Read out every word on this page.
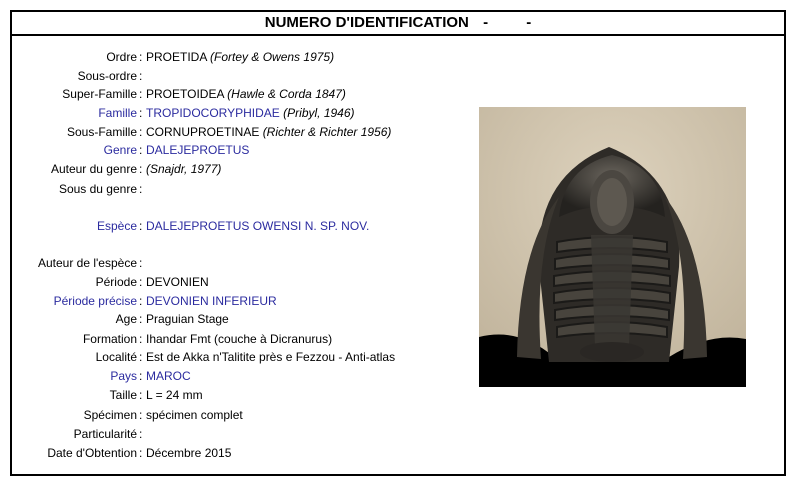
NUMERO D'IDENTIFICATION -	-
Ordre : PROETIDA (Fortey & Owens 1975)
Sous-ordre :
Super-Famille : PROETOIDEA (Hawle & Corda 1847)
Famille : TROPIDOCORYPHIDAE (Pribyl, 1946)
Sous-Famille : CORNUPROETINAE (Richter & Richter 1956)
Genre : DALEJEPROETUS
Auteur du genre : (Snajdr, 1977)
Sous du genre :
Espèce : DALEJEPROETUS OWENSI N. SP. NOV.
Auteur de l'espèce :
Période : DEVONIEN
Période précise : DEVONIEN INFERIEUR
Age : Praguian Stage
Formation : Ihandar Fmt (couche à Dicranurus)
Localité : Est de Akka n'Talitite près e Fezzou - Anti-atlas
Pays : MAROC
Taille : L = 24 mm
Spécimen : spécimen complet
Particularité :
Date d'Obtention : Décembre 2015
